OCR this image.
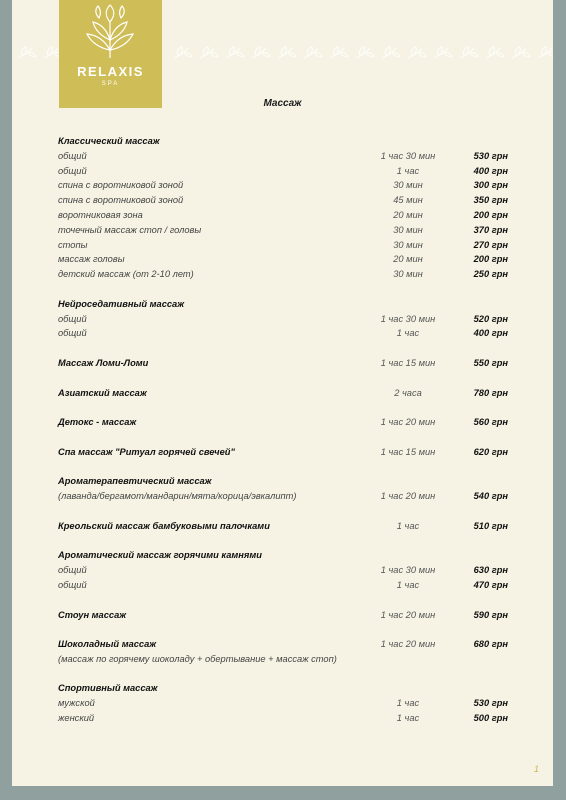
RELAXIS
SPA
Массаж
Классический массаж
общий	1 час 30 мин	530 грн
общий	1 час	400 грн
спина с воротниковой зоной	30 мин	300 грн
спина с воротниковой зоной	45 мин	350 грн
воротниковая зона	20 мин	200 грн
точечный массаж стоп / головы	30 мин	370 грн
стопы	30 мин	270 грн
массаж головы	20 мин	200 грн
детский массаж (от 2-10 лет)	30 мин	250 грн
Нейроседативный массаж
общий	1 час 30 мин	520 грн
общий	1 час	400 грн
Массаж Ломи-Ломи	1 час 15 мин	550 грн
Азиатский массаж	2 часа	780 грн
Детокс - массаж	1 час 20 мин	560 грн
Спа массаж "Ритуал горячей свечей"	1 час 15 мин	620 грн
Ароматерапевтический массаж
(лаванда/бергамот/мандарин/мята/корица/эвкалипт)	1 час 20 мин	540 грн
Креольский массаж бамбуковыми палочками	1 час	510 грн
Ароматический массаж горячими камнями
общий	1 час 30 мин	630 грн
общий	1 час	470 грн
Стоун массаж	1 час 20 мин	590 грн
Шоколадный массаж	1 час 20 мин	680 грн
(массаж по горячему шоколаду + обертывание + массаж стоп)
Спортивный массаж
мужской	1 час	530 грн
женский	1 час	500 грн
1
